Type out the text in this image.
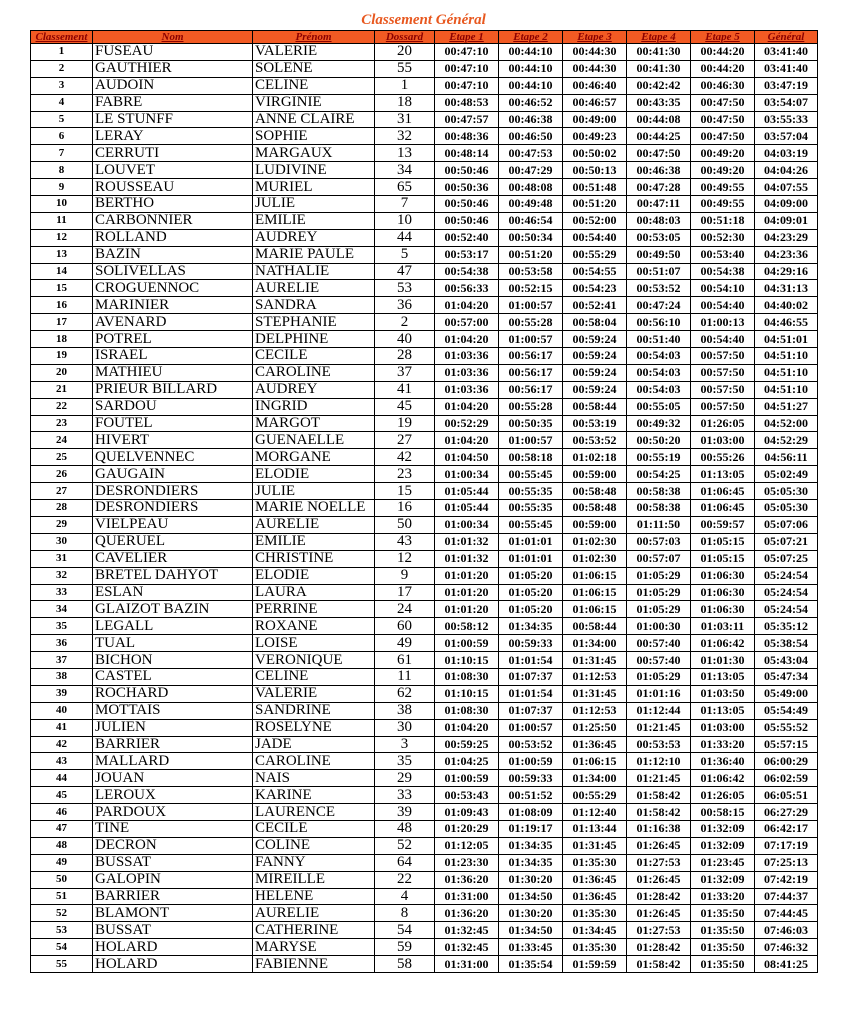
Classement Général
Classement	Nom	Prénom	Dossard	Etape 1	Etape 2	Etape 3	Etape 4	Etape 5	Général
1	FUSEAU	VALERIE	20	00:47:10	00:44:10	00:44:30	00:41:30	00:44:20	03:41:40
2	GAUTHIER	SOLENE	55	00:47:10	00:44:10	00:44:30	00:41:30	00:44:20	03:41:40
3	AUDOIN	CELINE	1	00:47:10	00:44:10	00:46:40	00:42:42	00:46:30	03:47:19
4	FABRE	VIRGINIE	18	00:48:53	00:46:52	00:46:57	00:43:35	00:47:50	03:54:07
5	LE STUNFF	ANNE CLAIRE	31	00:47:57	00:46:38	00:49:00	00:44:08	00:47:50	03:55:33
6	LERAY	SOPHIE	32	00:48:36	00:46:50	00:49:23	00:44:25	00:47:50	03:57:04
7	CERRUTI	MARGAUX	13	00:48:14	00:47:53	00:50:02	00:47:50	00:49:20	04:03:19
8	LOUVET	LUDIVINE	34	00:50:46	00:47:29	00:50:13	00:46:38	00:49:20	04:04:26
9	ROUSSEAU	MURIEL	65	00:50:36	00:48:08	00:51:48	00:47:28	00:49:55	04:07:55
10	BERTHO	JULIE	7	00:50:46	00:49:48	00:51:20	00:47:11	00:49:55	04:09:00
11	CARBONNIER	EMILIE	10	00:50:46	00:46:54	00:52:00	00:48:03	00:51:18	04:09:01
12	ROLLAND	AUDREY	44	00:52:40	00:50:34	00:54:40	00:53:05	00:52:30	04:23:29
13	BAZIN	MARIE PAULE	5	00:53:17	00:51:20	00:55:29	00:49:50	00:53:40	04:23:36
14	SOLIVELLAS	NATHALIE	47	00:54:38	00:53:58	00:54:55	00:51:07	00:54:38	04:29:16
15	CROGUENNOC	AURELIE	53	00:56:33	00:52:15	00:54:23	00:53:52	00:54:10	04:31:13
16	MARINIER	SANDRA	36	01:04:20	01:00:57	00:52:41	00:47:24	00:54:40	04:40:02
17	AVENARD	STEPHANIE	2	00:57:00	00:55:28	00:58:04	00:56:10	01:00:13	04:46:55
18	POTREL	DELPHINE	40	01:04:20	01:00:57	00:59:24	00:51:40	00:54:40	04:51:01
19	ISRAEL	CECILE	28	01:03:36	00:56:17	00:59:24	00:54:03	00:57:50	04:51:10
20	MATHIEU	CAROLINE	37	01:03:36	00:56:17	00:59:24	00:54:03	00:57:50	04:51:10
21	PRIEUR BILLARD	AUDREY	41	01:03:36	00:56:17	00:59:24	00:54:03	00:57:50	04:51:10
22	SARDOU	INGRID	45	01:04:20	00:55:28	00:58:44	00:55:05	00:57:50	04:51:27
23	FOUTEL	MARGOT	19	00:52:29	00:50:35	00:53:19	00:49:32	01:26:05	04:52:00
24	HIVERT	GUENAELLE	27	01:04:20	01:00:57	00:53:52	00:50:20	01:03:00	04:52:29
25	QUELVENNEC	MORGANE	42	01:04:50	00:58:18	01:02:18	00:55:19	00:55:26	04:56:11
26	GAUGAIN	ELODIE	23	01:00:34	00:55:45	00:59:00	00:54:25	01:13:05	05:02:49
27	DESRONDIERS	JULIE	15	01:05:44	00:55:35	00:58:48	00:58:38	01:06:45	05:05:30
28	DESRONDIERS	MARIE NOELLE	16	01:05:44	00:55:35	00:58:48	00:58:38	01:06:45	05:05:30
29	VIELPEAU	AURELIE	50	01:00:34	00:55:45	00:59:00	01:11:50	00:59:57	05:07:06
30	QUERUEL	EMILIE	43	01:01:32	01:01:01	01:02:30	00:57:03	01:05:15	05:07:21
31	CAVELIER	CHRISTINE	12	01:01:32	01:01:01	01:02:30	00:57:07	01:05:15	05:07:25
32	BRETEL DAHYOT	ELODIE	9	01:01:20	01:05:20	01:06:15	01:05:29	01:06:30	05:24:54
33	ESLAN	LAURA	17	01:01:20	01:05:20	01:06:15	01:05:29	01:06:30	05:24:54
34	GLAIZOT BAZIN	PERRINE	24	01:01:20	01:05:20	01:06:15	01:05:29	01:06:30	05:24:54
35	LEGALL	ROXANE	60	00:58:12	01:34:35	00:58:44	01:00:30	01:03:11	05:35:12
36	TUAL	LOISE	49	01:00:59	00:59:33	01:34:00	00:57:40	01:06:42	05:38:54
37	BICHON	VERONIQUE	61	01:10:15	01:01:54	01:31:45	00:57:40	01:01:30	05:43:04
38	CASTEL	CELINE	11	01:08:30	01:07:37	01:12:53	01:05:29	01:13:05	05:47:34
39	ROCHARD	VALERIE	62	01:10:15	01:01:54	01:31:45	01:01:16	01:03:50	05:49:00
40	MOTTAIS	SANDRINE	38	01:08:30	01:07:37	01:12:53	01:12:44	01:13:05	05:54:49
41	JULIEN	ROSELYNE	30	01:04:20	01:00:57	01:25:50	01:21:45	01:03:00	05:55:52
42	BARRIER	JADE	3	00:59:25	00:53:52	01:36:45	00:53:53	01:33:20	05:57:15
43	MALLARD	CAROLINE	35	01:04:25	01:00:59	01:06:15	01:12:10	01:36:40	06:00:29
44	JOUAN	NAIS	29	01:00:59	00:59:33	01:34:00	01:21:45	01:06:42	06:02:59
45	LEROUX	KARINE	33	00:53:43	00:51:52	00:55:29	01:58:42	01:26:05	06:05:51
46	PARDOUX	LAURENCE	39	01:09:43	01:08:09	01:12:40	01:58:42	00:58:15	06:27:29
47	TINE	CECILE	48	01:20:29	01:19:17	01:13:44	01:16:38	01:32:09	06:42:17
48	DECRON	COLINE	52	01:12:05	01:34:35	01:31:45	01:26:45	01:32:09	07:17:19
49	BUSSAT	FANNY	64	01:23:30	01:34:35	01:35:30	01:27:53	01:23:45	07:25:13
50	GALOPIN	MIREILLE	22	01:36:20	01:30:20	01:36:45	01:26:45	01:32:09	07:42:19
51	BARRIER	HELENE	4	01:31:00	01:34:50	01:36:45	01:28:42	01:33:20	07:44:37
52	BLAMONT	AURELIE	8	01:36:20	01:30:20	01:35:30	01:26:45	01:35:50	07:44:45
53	BUSSAT	CATHERINE	54	01:32:45	01:34:50	01:34:45	01:27:53	01:35:50	07:46:03
54	HOLARD	MARYSE	59	01:32:45	01:33:45	01:35:30	01:28:42	01:35:50	07:46:32
55	HOLARD	FABIENNE	58	01:31:00	01:35:54	01:59:59	01:58:42	01:35:50	08:41:25
